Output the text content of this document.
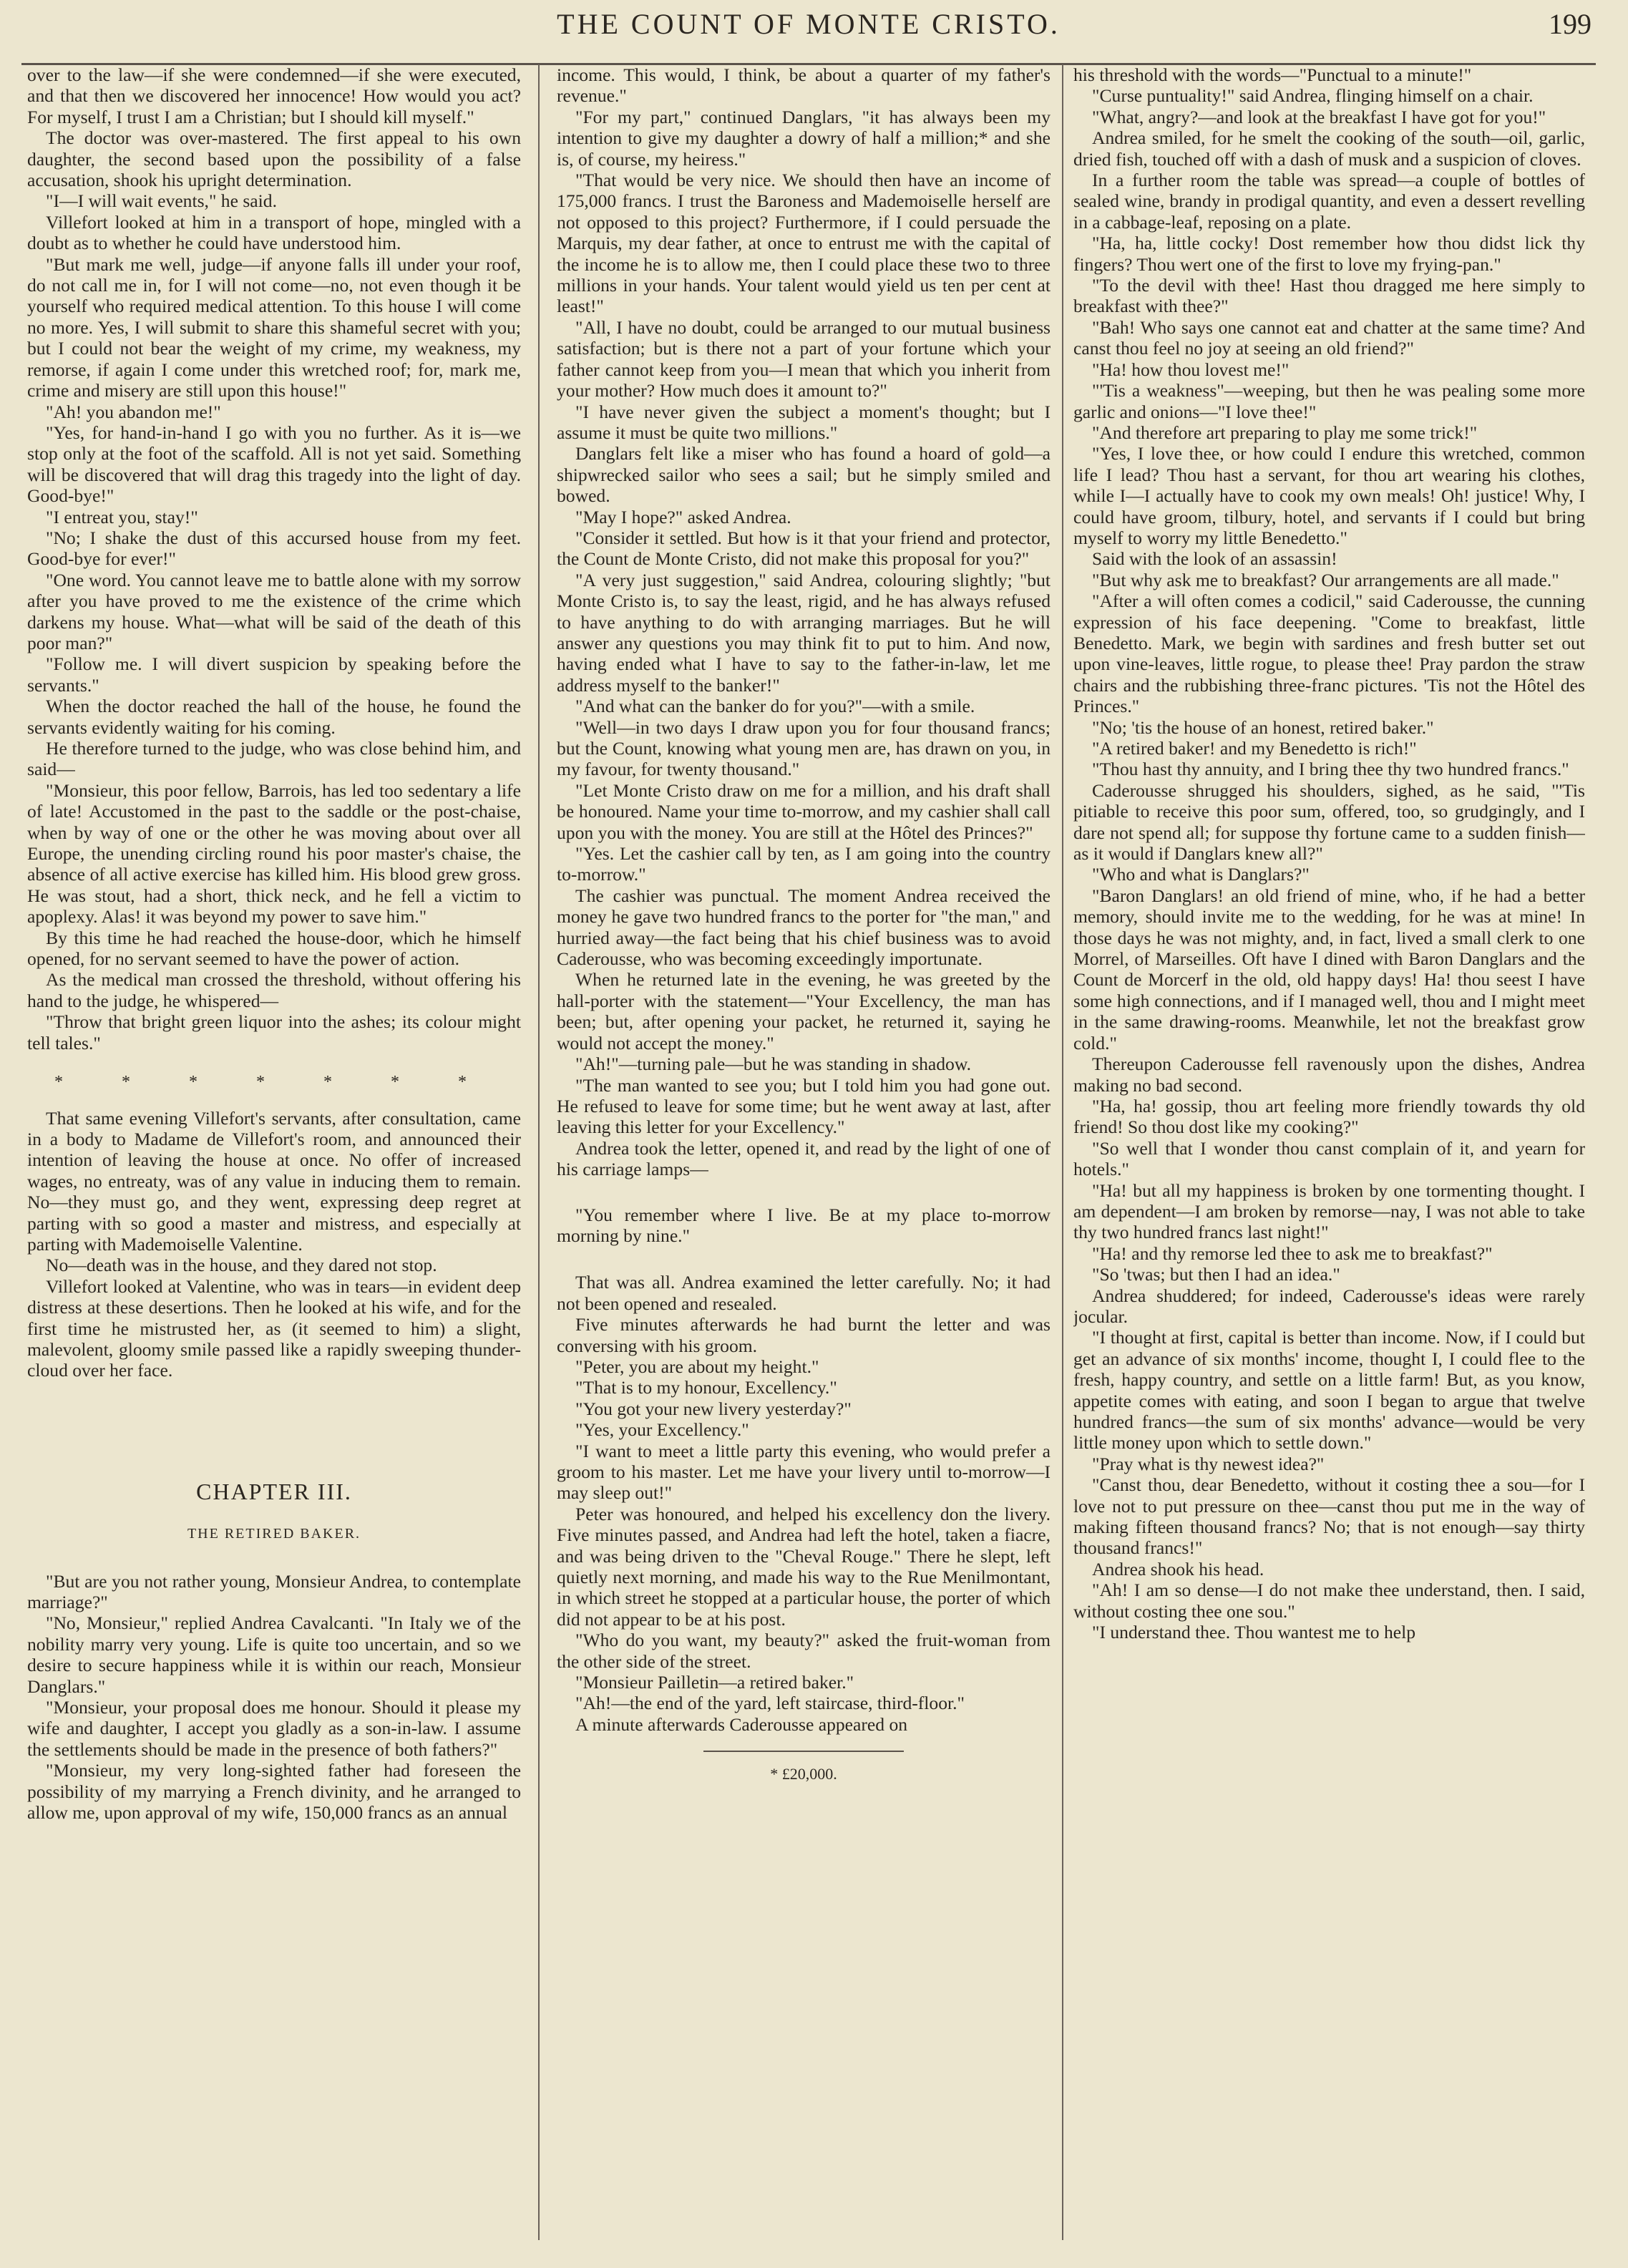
THE COUNT OF MONTE CRISTO.	199

over to the law—if she were condemned—if she were executed, and that then we discovered her innocence! How would you act? For myself, I trust I am a Christian; but I should kill myself."

The doctor was over-mastered. The first appeal to his own daughter, the second based upon the possibility of a false accusation, shook his upright determination.

"I—I will wait events," he said.

Villefort looked at him in a transport of hope, mingled with a doubt as to whether he could have understood him.

"But mark me well, judge—if anyone falls ill under your roof, do not call me in, for I will not come—no, not even though it be yourself who required medical attention. To this house I will come no more. Yes, I will submit to share this shameful secret with you; but I could not bear the weight of my crime, my weakness, my remorse, if again I come under this wretched roof; for, mark me, crime and misery are still upon this house!"

"Ah! you abandon me!"

"Yes, for hand-in-hand I go with you no further. As it is—we stop only at the foot of the scaffold. All is not yet said. Something will be discovered that will drag this tragedy into the light of day. Good-bye!"

"I entreat you, stay!"

"No; I shake the dust of this accursed house from my feet. Good-bye for ever!"

"One word. You cannot leave me to battle alone with my sorrow after you have proved to me the existence of the crime which darkens my house. What—what will be said of the death of this poor man?"

"Follow me. I will divert suspicion by speaking before the servants."

When the doctor reached the hall of the house, he found the servants evidently waiting for his coming.

He therefore turned to the judge, who was close behind him, and said—

"Monsieur, this poor fellow, Barrois, has led too sedentary a life of late! Accustomed in the past to the saddle or the post-chaise, when by way of one or the other he was moving about over all Europe, the unending circling round his poor master's chaise, the absence of all active exercise has killed him. His blood grew gross. He was stout, had a short, thick neck, and he fell a victim to apoplexy. Alas! it was beyond my power to save him."

By this time he had reached the house-door, which he himself opened, for no servant seemed to have the power of action.

As the medical man crossed the threshold, without offering his hand to the judge, he whispered—

"Throw that bright green liquor into the ashes; its colour might tell tales."

* * * * * * *

That same evening Villefort's servants, after consultation, came in a body to Madame de Villefort's room, and announced their intention of leaving the house at once. No offer of increased wages, no entreaty, was of any value in inducing them to remain. No—they must go, and they went, expressing deep regret at parting with so good a master and mistress, and especially at parting with Mademoiselle Valentine.

No—death was in the house, and they dared not stop.

Villefort looked at Valentine, who was in tears—in evident deep distress at these desertions. Then he looked at his wife, and for the first time he mistrusted her, as (it seemed to him) a slight, malevolent, gloomy smile passed like a rapidly sweeping thunder-cloud over her face.

CHAPTER III.
THE RETIRED BAKER.

"But are you not rather young, Monsieur Andrea, to contemplate marriage?"

"No, Monsieur," replied Andrea Cavalcanti. "In Italy we of the nobility marry very young. Life is quite too uncertain, and so we desire to secure happiness while it is within our reach, Monsieur Danglars."

"Monsieur, your proposal does me honour. Should it please my wife and daughter, I accept you gladly as a son-in-law. I assume the settlements should be made in the presence of both fathers?"

"Monsieur, my very long-sighted father had foreseen the possibility of my marrying a French divinity, and he arranged to allow me, upon approval of my wife, 150,000 francs as an annual

income. This would, I think, be about a quarter of my father's revenue."

"For my part," continued Danglars, "it has always been my intention to give my daughter a dowry of half a million;* and she is, of course, my heiress."

"That would be very nice. We should then have an income of 175,000 francs. I trust the Baroness and Mademoiselle herself are not opposed to this project? Furthermore, if I could persuade the Marquis, my dear father, at once to entrust me with the capital of the income he is to allow me, then I could place these two to three millions in your hands. Your talent would yield us ten per cent at least!"

"All, I have no doubt, could be arranged to our mutual business satisfaction; but is there not a part of your fortune which your father cannot keep from you—I mean that which you inherit from your mother? How much does it amount to?"

"I have never given the subject a moment's thought; but I assume it must be quite two millions."

Danglars felt like a miser who has found a hoard of gold—a shipwrecked sailor who sees a sail; but he simply smiled and bowed.

"May I hope?" asked Andrea.

"Consider it settled. But how is it that your friend and protector, the Count de Monte Cristo, did not make this proposal for you?"

"A very just suggestion," said Andrea, colouring slightly; "but Monte Cristo is, to say the least, rigid, and he has always refused to have anything to do with arranging marriages. But he will answer any questions you may think fit to put to him. And now, having ended what I have to say to the father-in-law, let me address myself to the banker!"

"And what can the banker do for you?"—with a smile.

"Well—in two days I draw upon you for four thousand francs; but the Count, knowing what young men are, has drawn on you, in my favour, for twenty thousand."

"Let Monte Cristo draw on me for a million, and his draft shall be honoured. Name your time to-morrow, and my cashier shall call upon you with the money. You are still at the Hôtel des Princes?"

"Yes. Let the cashier call by ten, as I am going into the country to-morrow."

The cashier was punctual. The moment Andrea received the money he gave two hundred francs to the porter for "the man," and hurried away—the fact being that his chief business was to avoid Caderousse, who was becoming exceedingly importunate.

When he returned late in the evening, he was greeted by the hall-porter with the statement—"Your Excellency, the man has been; but, after opening your packet, he returned it, saying he would not accept the money."

"Ah!"—turning pale—but he was standing in shadow.

"The man wanted to see you; but I told him you had gone out. He refused to leave for some time; but he went away at last, after leaving this letter for your Excellency."

Andrea took the letter, opened it, and read by the light of one of his carriage lamps—

"You remember where I live. Be at my place to-morrow morning by nine."

That was all. Andrea examined the letter carefully. No; it had not been opened and resealed.

Five minutes afterwards he had burnt the letter and was conversing with his groom.

"Peter, you are about my height."

"That is to my honour, Excellency."

"You got your new livery yesterday?"

"Yes, your Excellency."

"I want to meet a little party this evening, who would prefer a groom to his master. Let me have your livery until to-morrow—I may sleep out!"

Peter was honoured, and helped his excellency don the livery. Five minutes passed, and Andrea had left the hotel, taken a fiacre, and was being driven to the "Cheval Rouge." There he slept, left quietly next morning, and made his way to the Rue Menilmontant, in which street he stopped at a particular house, the porter of which did not appear to be at his post.

"Who do you want, my beauty?" asked the fruit-woman from the other side of the street.

"Monsieur Pailletin—a retired baker."

"Ah!—the end of the yard, left staircase, third-floor."

A minute afterwards Caderousse appeared on

* £20,000.

his threshold with the words—"Punctual to a minute!"

"Curse puntuality!" said Andrea, flinging himself on a chair.

"What, angry?—and look at the breakfast I have got for you!"

Andrea smiled, for he smelt the cooking of the south—oil, garlic, dried fish, touched off with a dash of musk and a suspicion of cloves.

In a further room the table was spread—a couple of bottles of sealed wine, brandy in prodigal quantity, and even a dessert revelling in a cabbage-leaf, reposing on a plate.

"Ha, ha, little cocky! Dost remember how thou didst lick thy fingers? Thou wert one of the first to love my frying-pan."

"To the devil with thee! Hast thou dragged me here simply to breakfast with thee?"

"Bah! Who says one cannot eat and chatter at the same time? And canst thou feel no joy at seeing an old friend?"

"Ha! how thou lovest me!"

"'Tis a weakness"—weeping, but then he was pealing some more garlic and onions—"I love thee!"

"And therefore art preparing to play me some trick!"

"Yes, I love thee, or how could I endure this wretched, common life I lead? Thou hast a servant, for thou art wearing his clothes, while I—I actually have to cook my own meals! Oh! justice! Why, I could have groom, tilbury, hotel, and servants if I could but bring myself to worry my little Benedetto."

Said with the look of an assassin!

"But why ask me to breakfast? Our arrangements are all made."

"After a will often comes a codicil," said Caderousse, the cunning expression of his face deepening. "Come to breakfast, little Benedetto. Mark, we begin with sardines and fresh butter set out upon vine-leaves, little rogue, to please thee! Pray pardon the straw chairs and the rubbishing three-franc pictures. 'Tis not the Hôtel des Princes."

"No; 'tis the house of an honest, retired baker."

"A retired baker! and my Benedetto is rich!"

"Thou hast thy annuity, and I bring thee thy two hundred francs."

Caderousse shrugged his shoulders, sighed, as he said, "'Tis pitiable to receive this poor sum, offered, too, so grudgingly, and I dare not spend all; for suppose thy fortune came to a sudden finish—as it would if Danglars knew all?"

"Who and what is Danglars?"

"Baron Danglars! an old friend of mine, who, if he had a better memory, should invite me to the wedding, for he was at mine! In those days he was not mighty, and, in fact, lived a small clerk to one Morrel, of Marseilles. Oft have I dined with Baron Danglars and the Count de Morcerf in the old, old happy days! Ha! thou seest I have some high connections, and if I managed well, thou and I might meet in the same drawing-rooms. Meanwhile, let not the breakfast grow cold."

Thereupon Caderousse fell ravenously upon the dishes, Andrea making no bad second.

"Ha, ha! gossip, thou art feeling more friendly towards thy old friend! So thou dost like my cooking?"

"So well that I wonder thou canst complain of it, and yearn for hotels."

"Ha! but all my happiness is broken by one tormenting thought. I am dependent—I am broken by remorse—nay, I was not able to take thy two hundred francs last night!"

"Ha! and thy remorse led thee to ask me to breakfast?"

"So 'twas; but then I had an idea."

Andrea shuddered; for indeed, Caderousse's ideas were rarely jocular.

"I thought at first, capital is better than income. Now, if I could but get an advance of six months' income, thought I, I could flee to the fresh, happy country, and settle on a little farm! But, as you know, appetite comes with eating, and soon I began to argue that twelve hundred francs—the sum of six months' advance—would be very little money upon which to settle down."

"Pray what is thy newest idea?"

"Canst thou, dear Benedetto, without it costing thee a sou—for I love not to put pressure on thee—canst thou put me in the way of making fifteen thousand francs? No; that is not enough—say thirty thousand francs!"

Andrea shook his head.

"Ah! I am so dense—I do not make thee understand, then. I said, without costing thee one sou."

"I understand thee. Thou wantest me to help
